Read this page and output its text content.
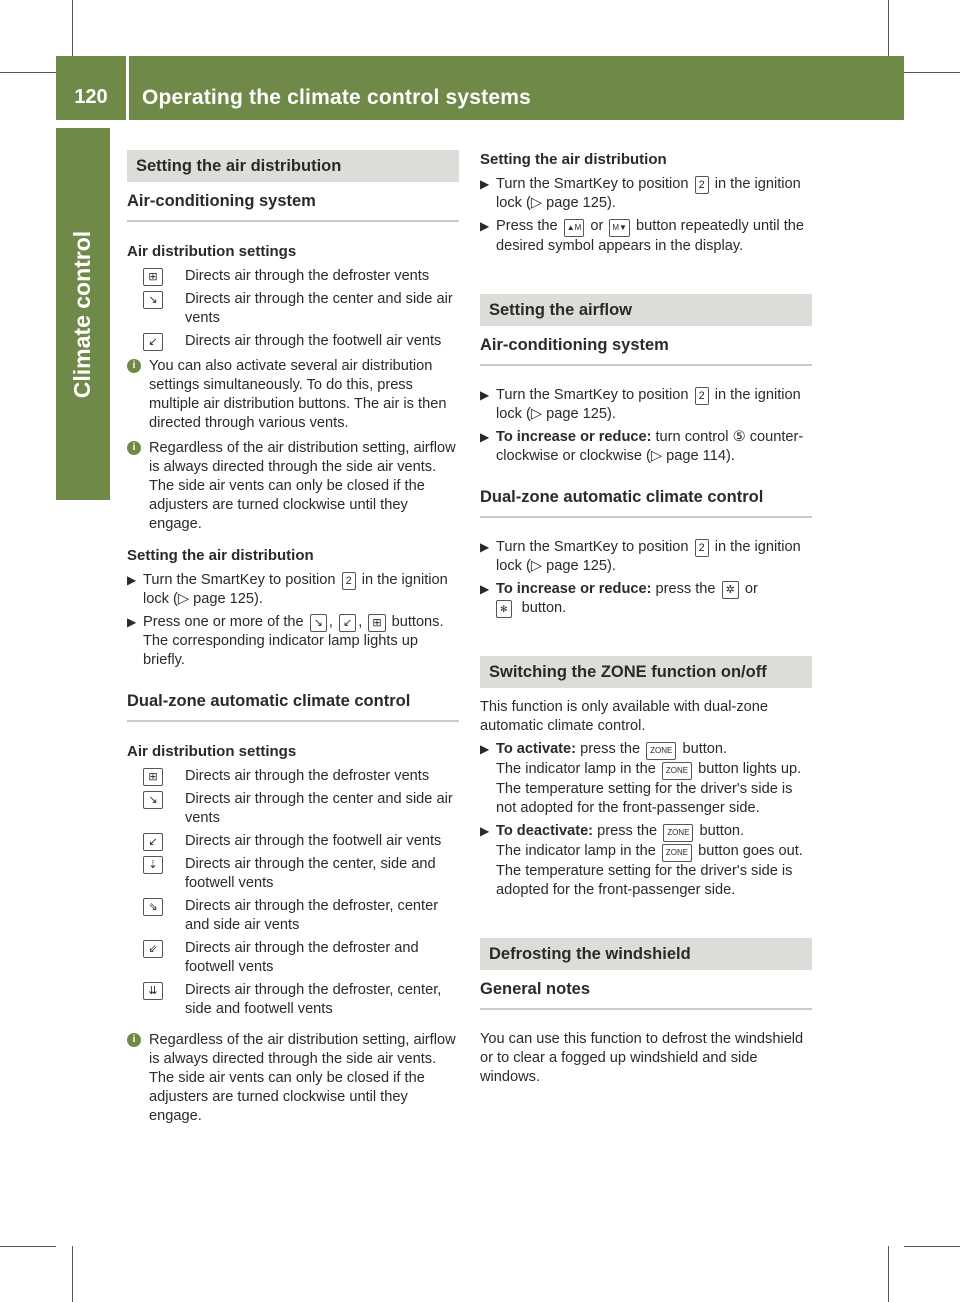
120	Operating the climate control systems
Climate control
Setting the air distribution
Air-conditioning system
Air distribution settings
⊞	Directs air through the defroster vents
↘	Directs air through the center and side air vents
↙	Directs air through the footwell air vents
i You can also activate several air distribution settings simultaneously. To do this, press multiple air distribution buttons. The air is then directed through various vents.
i Regardless of the air distribution setting, airflow is always directed through the side air vents. The side air vents can only be closed if the adjusters are turned clockwise until they engage.
Setting the air distribution
▶ Turn the SmartKey to position 2 in the ignition lock (▷ page 125).
▶ Press one or more of the ↘ , ↙ , ⊞ buttons.
The corresponding indicator lamp lights up briefly.
Dual-zone automatic climate control
Air distribution settings
⊞	Directs air through the defroster vents
↘	Directs air through the center and side air vents
↙	Directs air through the footwell air vents
⇣	Directs air through the center, side and footwell vents
⇘	Directs air through the defroster, center and side air vents
⇙	Directs air through the defroster and footwell vents
⇊	Directs air through the defroster, center, side and footwell vents
i Regardless of the air distribution setting, airflow is always directed through the side air vents. The side air vents can only be closed if the adjusters are turned clockwise until they engage.
Setting the air distribution
▶ Turn the SmartKey to position 2 in the ignition lock (▷ page 125).
▶ Press the ▲M or M▼ button repeatedly until the desired symbol appears in the display.
Setting the airflow
Air-conditioning system
▶ Turn the SmartKey to position 2 in the ignition lock (▷ page 125).
▶ To increase or reduce: turn control ⑤ counter-clockwise or clockwise (▷ page 114).
Dual-zone automatic climate control
▶ Turn the SmartKey to position 2 in the ignition lock (▷ page 125).
▶ To increase or reduce: press the ✲ or
✻ button.
Switching the ZONE function on/off
This function is only available with dual-zone automatic climate control.
▶ To activate: press the ZONE button.
The indicator lamp in the ZONE button lights up.
The temperature setting for the driver's side is not adopted for the front-passenger side.
▶ To deactivate: press the ZONE button.
The indicator lamp in the ZONE button goes out.
The temperature setting for the driver's side is adopted for the front-passenger side.
Defrosting the windshield
General notes
You can use this function to defrost the windshield or to clear a fogged up windshield and side windows.
